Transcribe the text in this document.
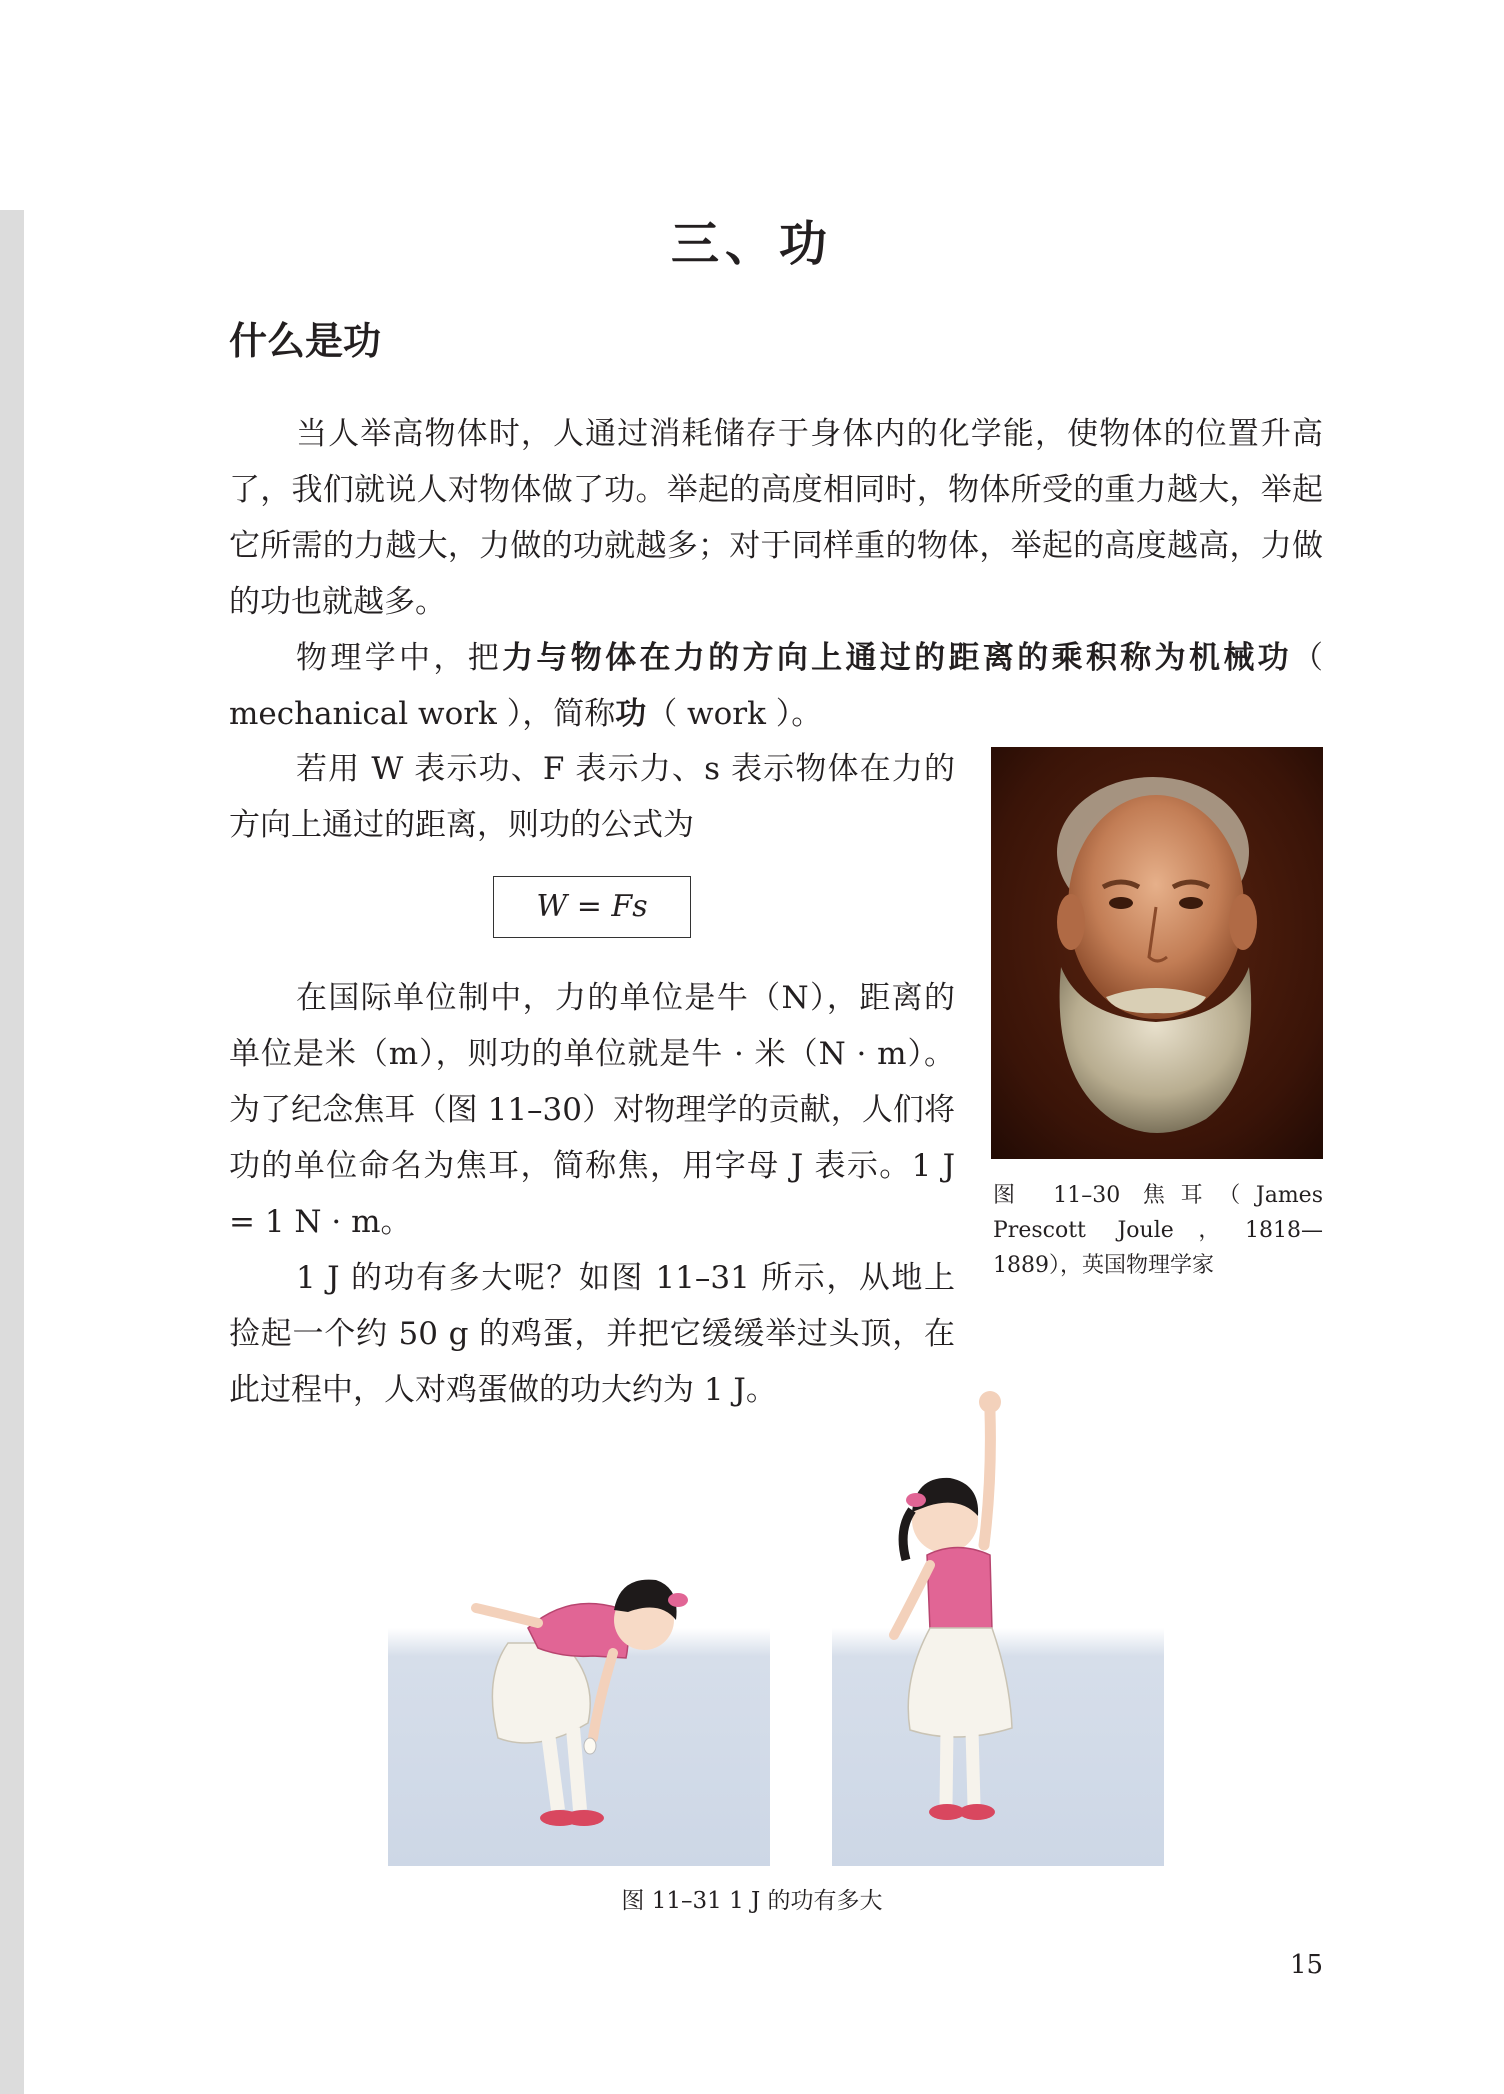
三、功
什么是功

当人举高物体时，人通过消耗储存于身体内的化学能，使物体的位置升高了，我们就说人对物体做了功。举起的高度相同时，物体所受的重力越大，举起它所需的力越大，力做的功就越多；对于同样重的物体，举起的高度越高，力做的功也就越多。

物理学中，把力与物体在力的方向上通过的距离的乘积称为机械功（ mechanical work ），简称功（ work ）。

若用 W 表示功、F 表示力、s 表示物体在力的方向上通过的距离，则功的公式为

W = Fs

在国际单位制中，力的单位是牛（N），距离的单位是米（m），则功的单位就是牛 · 米（N · m）。为了纪念焦耳（图 11–30）对物理学的贡献，人们将功的单位命名为焦耳，简称焦，用字母 J 表示。1 J = 1 N · m。

1 J 的功有多大呢？如图 11–31 所示，从地上捡起一个约 50 g 的鸡蛋，并把它缓缓举过头顶，在此过程中，人对鸡蛋做的功大约为 1 J。

图 11–30 焦耳（James Prescott Joule，1818—1889），英国物理学家
图 11–31 1 J 的功有多大
15
